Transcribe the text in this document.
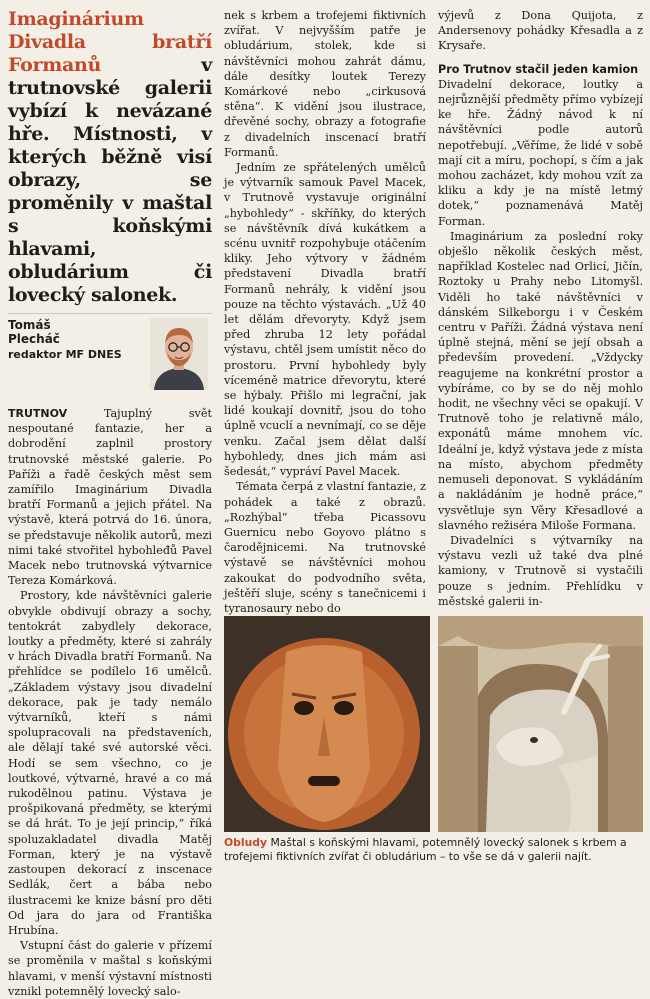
Imaginárium Divadla bratří Formanů v trutnovské galerii vybízí k nevázané hře. Místnosti, v kterých běžně visí obrazy, se proměnily v maštal s koňskými hlavami, obludárium či lovecký salonek.
Tomáš
Plecháč
redaktor MF DNES

TRUTNOV Tajuplný svět nespoutané fantazie, her a dobrodění zaplnil prostory trutnovské městské galerie. Po Paříži a řadě českých měst sem zamířilo Imaginárium Divadla bratří Formanů a jejich přátel. Na výstavě, která potrvá do 16. února, se představuje několik autorů, mezi nimi také stvořitel hybohleđů Pavel Macek nebo trutnovská výtvarnice Tereza Komárková.

Prostory, kde návštěvníci galerie obvykle obdivují obrazy a sochy, tentokrát zabydlely dekorace, loutky a předměty, které si zahrály v hrách Divadla bratří Formanů. Na přehlídce se podílelo 16 umělců. „Základem výstavy jsou divadelní dekorace, pak je tady nemálo výtvarníků, kteří s námi spolupracovali na představeních, ale dělají také své autorské věci. Hodí se sem všechno, co je loutkové, výtvarné, hravé a co má rukodělnou patinu. Výstava je prošpikovaná předměty, se kterými se dá hrát. To je její princip,“ říká spoluzakladatel divadla Matěj Forman, který je na výstavě zastoupen dekorací z inscenace Sedlák, čert a bába nebo ilustracemi ke knize básní pro děti Od jara do jara od Františka Hrubína.

Vstupní část do galerie v přízemí se proměnila v maštal s koňskými hlavami, v menší výstavní místnosti vznikl potemnělý lovecký salo-

nek s krbem a trofejemi fiktivních zvířat. V nejvyšším patře je obludárium, stolek, kde si návštěvníci mohou zahrát dámu, dále desítky loutek Terezy Komárkové nebo „cirkusová stěna“. K vidění jsou ilustrace, dřevěné sochy, obrazy a fotografie z divadelních inscenací bratří Formanů.

Jedním ze spřátelených umělců je výtvarník samouk Pavel Macek, v Trutnově vystavuje originální „hybohledy“ - skříňky, do kterých se návštěvník dívá kukátkem a scénu uvnitř rozpohybuje otáčením kliky. Jeho výtvory v žádném představení Divadla bratří Formanů nehrály, k vidění jsou pouze na těchto výstavách. „Už 40 let dělám dřevoryty. Když jsem před zhruba 12 lety pořádal výstavu, chtěl jsem umístit něco do prostoru. První hybohledy byly víceméně matrice dřevorytu, které se hýbaly. Přišlo mi legrační, jak lidé koukají dovnitř, jsou do toho úplně vcuclí a nevnímají, co se děje venku. Začal jsem dělat další hybohledy, dnes jich mám asi šedesát,“ vypráví Pavel Macek.

Témata čerpá z vlastní fantazie, z pohádek a také z obrazů. „Rozhýbal“ třeba Picassovu Guernicu nebo Goyovo plátno s čarodějnicemi. Na trutnovské výstavě se návštěvníci mohou zakoukat do podvodního světa, ještěří sluje, scény s tanečnicemi i tyranosaury nebo do

výjevů z Dona Quijota, z Andersenovy pohádky Křesadla a z Krysaře.

Pro Trutnov stačil jeden kamion

Divadelní dekorace, loutky a nejrůznější předměty přímo vybízejí ke hře. Žádný návod k ní návštěvníci podle autorů nepotřebují. „Věříme, že lidé v sobě mají cit a míru, pochopí, s čím a jak mohou zacházet, kdy mohou vzít za kliku a kdy je na místě letmý dotek,“ poznamenává Matěj Forman.

Imaginárium za poslední roky obješlo několik českých měst, například Kostelec nad Orlicí, Jičín, Roztoky u Prahy nebo Litomyšl. Viděli ho také návštěvníci v dánském Silkeborgu i v Českém centru v Paříži. Žádná výstava není úplně stejná, mění se její obsah a především provedení. „Vždycky reagujeme na konkrétní prostor a vybíráme, co by se do něj mohlo hodit, ne všechny věci se opakují. V Trutnově toho je relativně málo, exponátů máme mnohem víc. Ideální je, když výstava jede z místa na místo, abychom předměty nemuseli deponovat. S vykládáním a nakládáním je hodně práce,“ vysvětluje syn Věry Křesadlové a slavného režiséra Miloše Formana.

Divadelníci s výtvarníky na výstavu vezli už také dva plné kamiony, v Trutnově si vystačili pouze s jedním. Přehlídku v městské galerii in-

Obludy Maštal s koňskými hlavami, potemnělý lovecký salonek s krbem a trofejemi fiktivních zvířat či obludárium – to vše se dá v galerii najít.
